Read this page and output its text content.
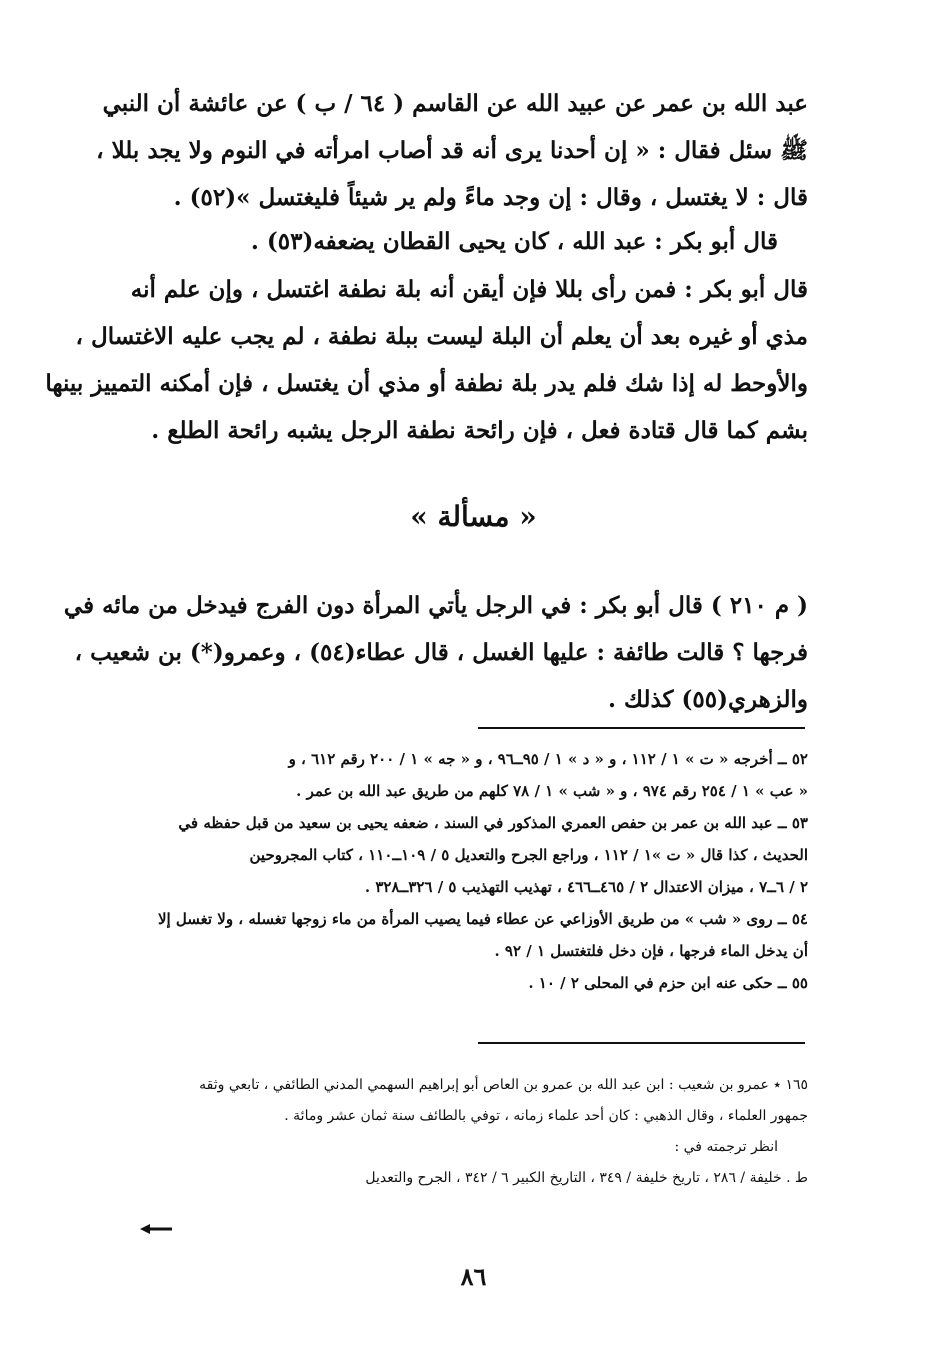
عبد الله بن عمر عن عبيد الله عن القاسم ( ٦٤ / ب ) عن عائشة أن النبي
ﷺ سئل فقال : « إن أحدنا يرى أنه قد أصاب امرأته في النوم ولا يجد بللا ،
قال : لا يغتسل ، وقال : إن وجد ماءً ولم ير شيئاً فليغتسل »(٥٢) .
قال أبو بكر : عبد الله ، كان يحيى القطان يضعفه(٥٣) .
قال أبو بكر : فمن رأى بللا فإن أيقن أنه بلة نطفة اغتسل ، وإن علم أنه
مذي أو غيره بعد أن يعلم أن البلة ليست ببلة نطفة ، لم يجب عليه الاغتسال ،
والأوحط له إذا شك فلم يدر بلة نطفة أو مذي أن يغتسل ، فإن أمكنه التمييز بينها
بشم كما قال قتادة فعل ، فإن رائحة نطفة الرجل يشبه رائحة الطلع .
« مسألة »
( م ٢١٠ ) قال أبو بكر : في الرجل يأتي المرأة دون الفرج فيدخل من مائه في
فرجها ؟ قالت طائفة : عليها الغسل ، قال عطاء(٥٤) ، وعمرو(*) بن شعيب ،
والزهري(٥٥) كذلك .
٥٢ ــ أخرجه « ت » ١ / ١١٢ ، و « د » ١ / ٩٥ــ٩٦ ، و « جه » ١ / ٢٠٠ رقم ٦١٢ ، و
« عب » ١ / ٢٥٤ رقم ٩٧٤ ، و « شب » ١ / ٧٨ كلهم من طريق عبد الله بن عمر .
٥٣ ــ عبد الله بن عمر بن حفص العمري المذكور في السند ، ضعفه يحيى بن سعيد من قبل حفظه في
الحديث ، كذا قال « ت »١ / ١١٢ ، وراجع الجرح والتعديل ٥ / ١٠٩ــ١١٠ ، كتاب المجروحين
٢ / ٦ــ٧ ، ميزان الاعتدال ٢ / ٤٦٥ــ٤٦٦ ، تهذيب التهذيب ٥ / ٣٢٦ــ٣٢٨ .
٥٤ ــ روى « شب » من طريق الأوزاعي عن عطاء فيما يصيب المرأة من ماء زوجها تغسله ، ولا تغسل إلا
أن يدخل الماء فرجها ، فإن دخل فلتغتسل ١ / ٩٢ .
٥٥ ــ حكى عنه ابن حزم في المحلى ٢ / ١٠ .
١٦٥ ٭ عمرو بن شعيب : ابن عبد الله بن عمرو بن العاص أبو إبراهيم السهمي المدني الطائفي ، تابعي وثقه
جمهور العلماء ، وقال الذهبي : كان أحد علماء زمانه ، توفي بالطائف سنة ثمان عشر ومائة .
انظر ترجمته في :
ط . خليفة / ٢٨٦ ، تاريخ خليفة / ٣٤٩ ، التاريخ الكبير ٦ / ٣٤٢ ، الجرح والتعديل
٨٦
